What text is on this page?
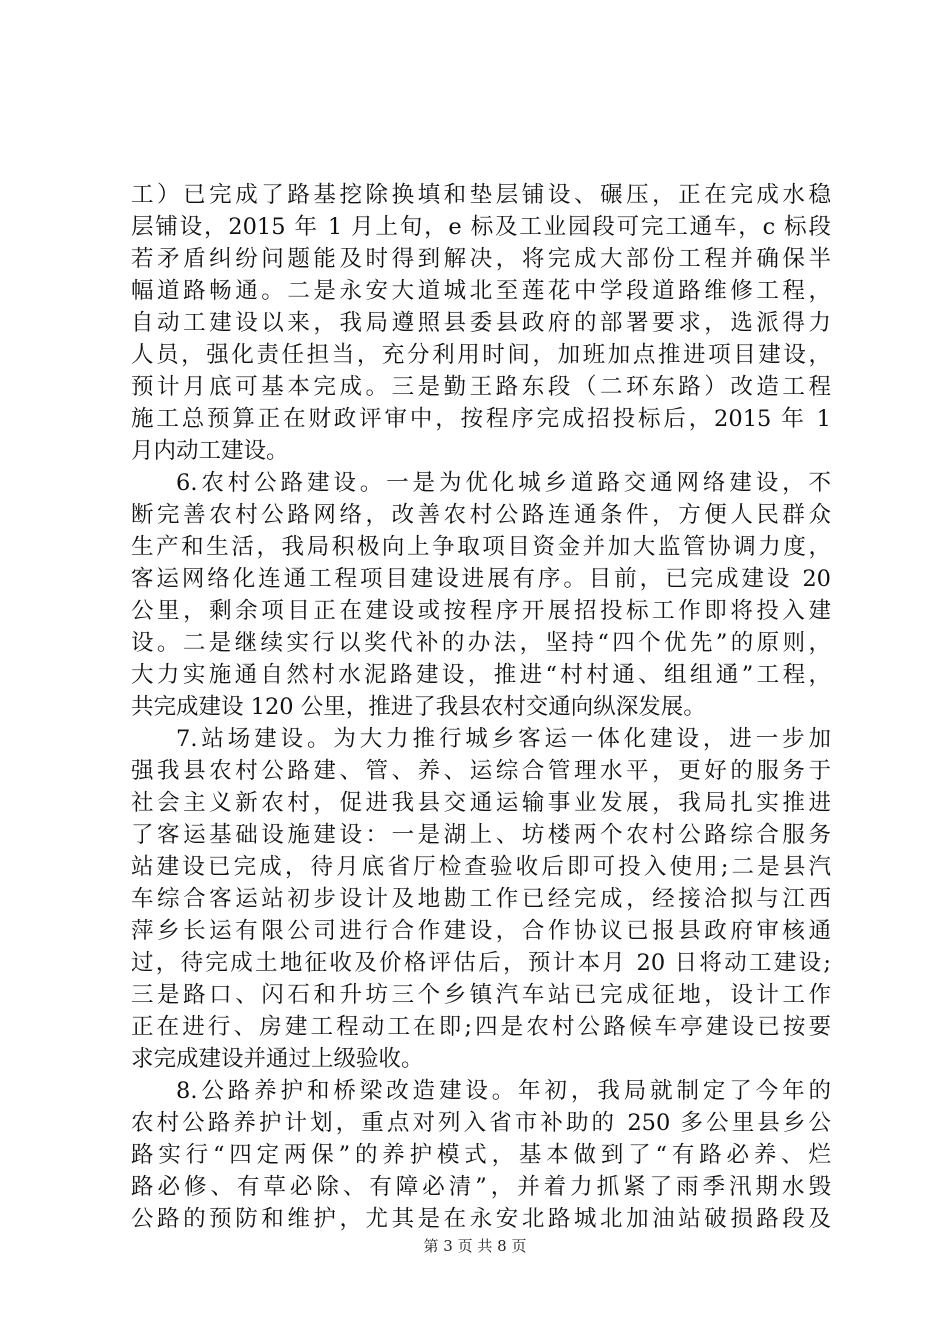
工）已完成了路基挖除换填和垫层铺设、碾压，正在完成水稳
层铺设，2015 年 1 月上旬，e 标及工业园段可完工通车，c 标段
若矛盾纠纷问题能及时得到解决，将完成大部份工程并确保半
幅道路畅通。二是永安大道城北至莲花中学段道路维修工程，
自动工建设以来，我局遵照县委县政府的部署要求，选派得力
人员，强化责任担当，充分利用时间，加班加点推进项目建设，
预计月底可基本完成。三是勤王路东段（二环东路）改造工程
施工总预算正在财政评审中，按程序完成招投标后，2015 年 1
月内动工建设。
6.农村公路建设。一是为优化城乡道路交通网络建设，不
断完善农村公路网络，改善农村公路连通条件，方便人民群众
生产和生活，我局积极向上争取项目资金并加大监管协调力度，
客运网络化连通工程项目建设进展有序。目前，已完成建设 20
公里，剩余项目正在建设或按程序开展招投标工作即将投入建
设。二是继续实行以奖代补的办法，坚持“四个优先”的原则，
大力实施通自然村水泥路建设，推进“村村通、组组通”工程，
共完成建设 120 公里，推进了我县农村交通向纵深发展。
7.站场建设。为大力推行城乡客运一体化建设，进一步加
强我县农村公路建、管、养、运综合管理水平，更好的服务于
社会主义新农村，促进我县交通运输事业发展，我局扎实推进
了客运基础设施建设：一是湖上、坊楼两个农村公路综合服务
站建设已完成，待月底省厅检查验收后即可投入使用;二是县汽
车综合客运站初步设计及地勘工作已经完成，经接洽拟与江西
萍乡长运有限公司进行合作建设，合作协议已报县政府审核通
过，待完成土地征收及价格评估后，预计本月 20 日将动工建设;
三是路口、闪石和升坊三个乡镇汽车站已完成征地，设计工作
正在进行、房建工程动工在即;四是农村公路候车亭建设已按要
求完成建设并通过上级验收。
8.公路养护和桥梁改造建设。年初，我局就制定了今年的
农村公路养护计划，重点对列入省市补助的 250 多公里县乡公
路实行“四定两保”的养护模式，基本做到了“有路必养、烂
路必修、有草必除、有障必清”，并着力抓紧了雨季汛期水毁
公路的预防和维护，尤其是在永安北路城北加油站破损路段及
第 3 页 共 8 页
